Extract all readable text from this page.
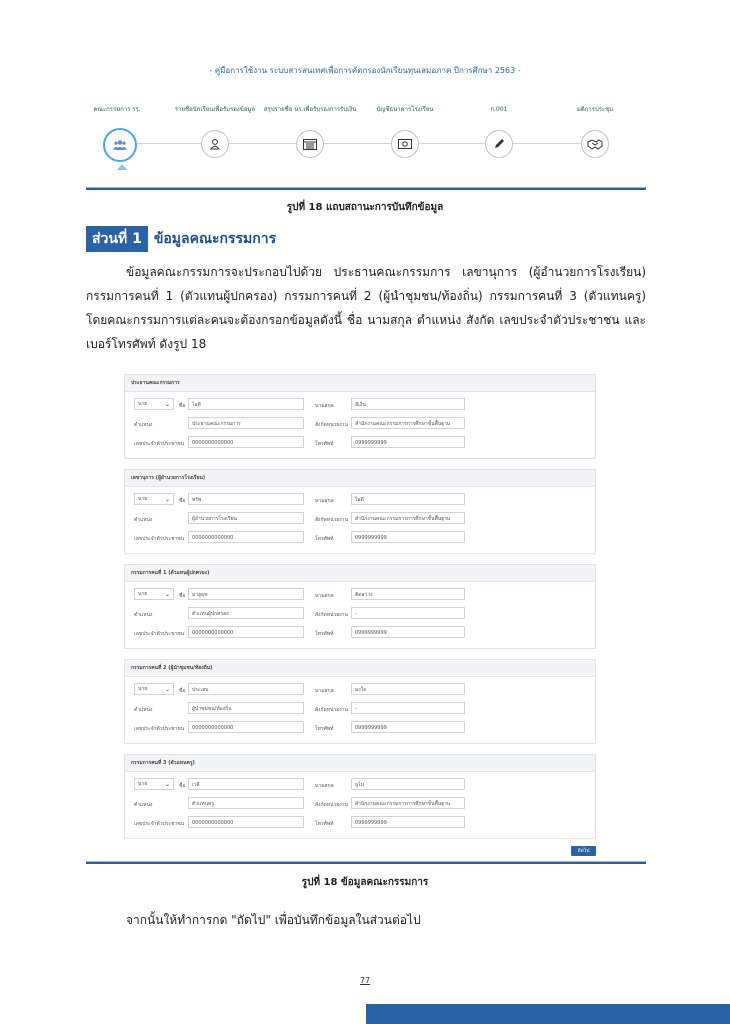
- คู่มือการใช้งาน ระบบสารสนเทศเพื่อการคัดกรองนักเรียนทุนเสมอภาค ปีการศึกษา 2563 -
คณะกรรมการ รร.	รายชื่อนักเรียนเพื่อรับรองข้อมูล สรุปรายชื่อ นร.เพื่อรับรองการรับเงิน	บัญชีธนาคารโรงเรียน	ก.001	มติการประชุม
รูปที่ 18 แถบสถานะการบันทึกข้อมูล
ส่วนที่ 1 ข้อมูลคณะกรรมการ

ข้อมูลคณะกรรมการจะประกอบไปด้วย ประธานคณะกรรมการ เลขานุการ (ผู้อำนวยการโรงเรียน) กรรมการคนที่ 1 (ตัวแทนผู้ปกครอง) กรรมการคนที่ 2 (ผู้นำชุมชน/ท้องถิ่น) กรรมการคนที่ 3 (ตัวแทนครู) โดยคณะกรรมการแต่ละคนจะต้องกรอกข้อมูลดังนี้ ชื่อ นามสกุล ตำแหน่ง สังกัด เลขประจำตัวประชาชน และเบอร์โทรศัพท์ ดังรูป 18

ประธานคณะกรรมการ
นาย	⌄ ชื่อ	ไอดี	นามสกุล	มีเงิน
ตำแหน่ง	ประธานคณะกรรมการ	สังกัดหน่วยงาน	สำนักงานคณะกรรมการการศึกษาขั้นพื้นฐาน
เลขประจำตัวประชาชน	0000000000000	โทรศัพท์	0999999999
เลขานุการ (ผู้อำนวยการโรงเรียน)
นาย	⌄ ชื่อ	ทรัพ	นามสกุล	ไอดี
ตำแหน่ง	ผู้อำนวยการโรงเรียน	สังกัดหน่วยงาน	สำนักงานคณะกรรมการการศึกษาขั้นพื้นฐาน
เลขประจำตัวประชาชน	0000000000000	โทรศัพท์	0999999999
กรรมการคนที่ 1 (ตัวแทนผู้ปกครอง)
นาย	⌄ ชื่อ	มาลูธุช	นามสกุล	ติดสว่าง
ตำแหน่ง	ตัวแทนผู้ปกครอง	สังกัดหน่วยงาน	-
เลขประจำตัวประชาชน	0000000000000	โทรศัพท์	0999999999
กรรมการคนที่ 2 (ผู้นำชุมชน/ท้องถิ่น)
นาย	⌄ ชื่อ	ประเสบ	นามสกุล	มงใจ
ตำแหน่ง	ผู้นำชุมชน/ท้องถิ่น	สังกัดหน่วยงาน	-
เลขประจำตัวประชาชน	0000000000000	โทรศัพท์	0999999999
กรรมการคนที่ 3 (ตัวแทนครู)
นาย	⌄ ชื่อ	เวลี	นามสกุล	ยูโน
ตำแหน่ง	ตัวแทนครู	สังกัดหน่วยงาน	สำนักงานคณะกรรมการการศึกษาขั้นพื้นฐาน
เลขประจำตัวประชาชน	0000000000000	โทรศัพท์	0999999999
ถัดไป
รูปที่ 18 ข้อมูลคณะกรรมการ
จากนั้นให้ทำการกด "ถัดไป" เพื่อบันทึกข้อมูลในส่วนต่อไป
77
